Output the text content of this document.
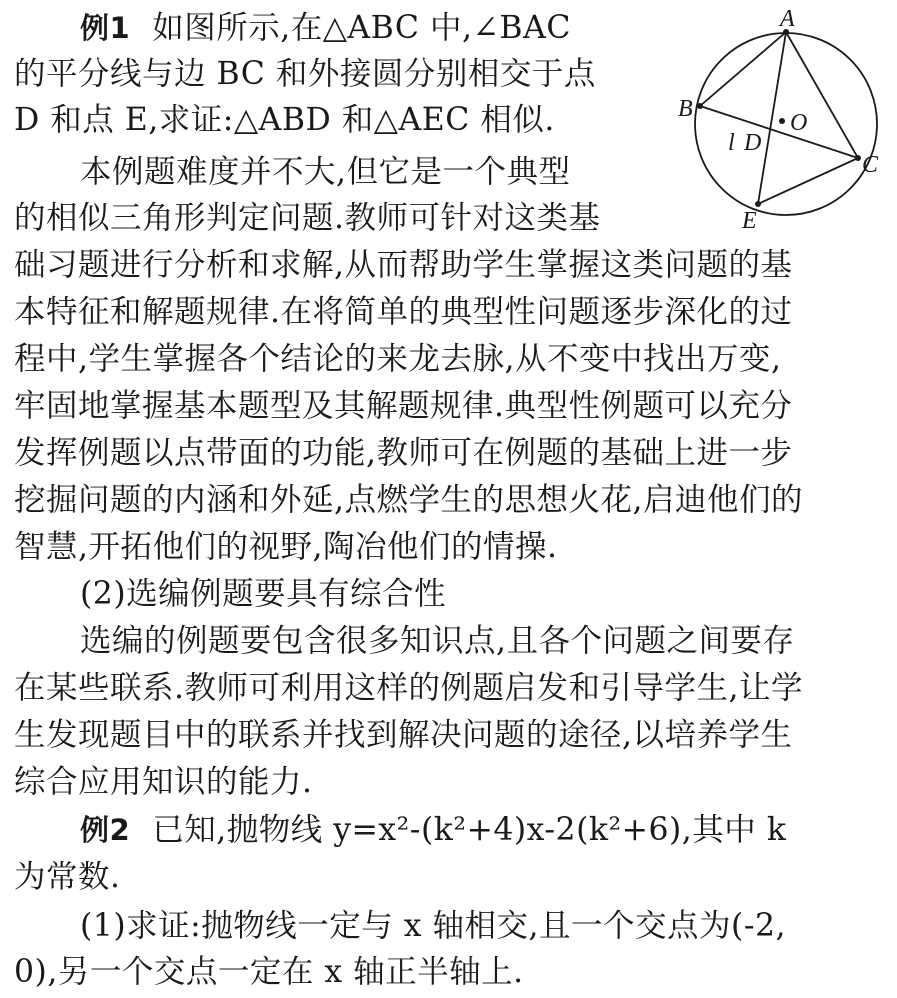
例1 如图所示,在△ABC 中,∠BAC
的平分线与边 BC 和外接圆分别相交于点
D 和点 E,求证:△ABD 和△AEC 相似.
A
B
C
E
O
D
l
本例题难度并不大,但它是一个典型
的相似三角形判定问题.教师可针对这类基
础习题进行分析和求解,从而帮助学生掌握这类问题的基
本特征和解题规律.在将简单的典型性问题逐步深化的过
程中,学生掌握各个结论的来龙去脉,从不变中找出万变,
牢固地掌握基本题型及其解题规律.典型性例题可以充分
发挥例题以点带面的功能,教师可在例题的基础上进一步
挖掘问题的内涵和外延,点燃学生的思想火花,启迪他们的
智慧,开拓他们的视野,陶冶他们的情操.
(2)选编例题要具有综合性
选编的例题要包含很多知识点,且各个问题之间要存
在某些联系.教师可利用这样的例题启发和引导学生,让学
生发现题目中的联系并找到解决问题的途径,以培养学生
综合应用知识的能力.
例2 已知,抛物线 y=x²-(k²+4)x-2(k²+6),其中 k
为常数.
(1)求证:抛物线一定与 x 轴相交,且一个交点为(-2,
0),另一个交点一定在 x 轴正半轴上.
